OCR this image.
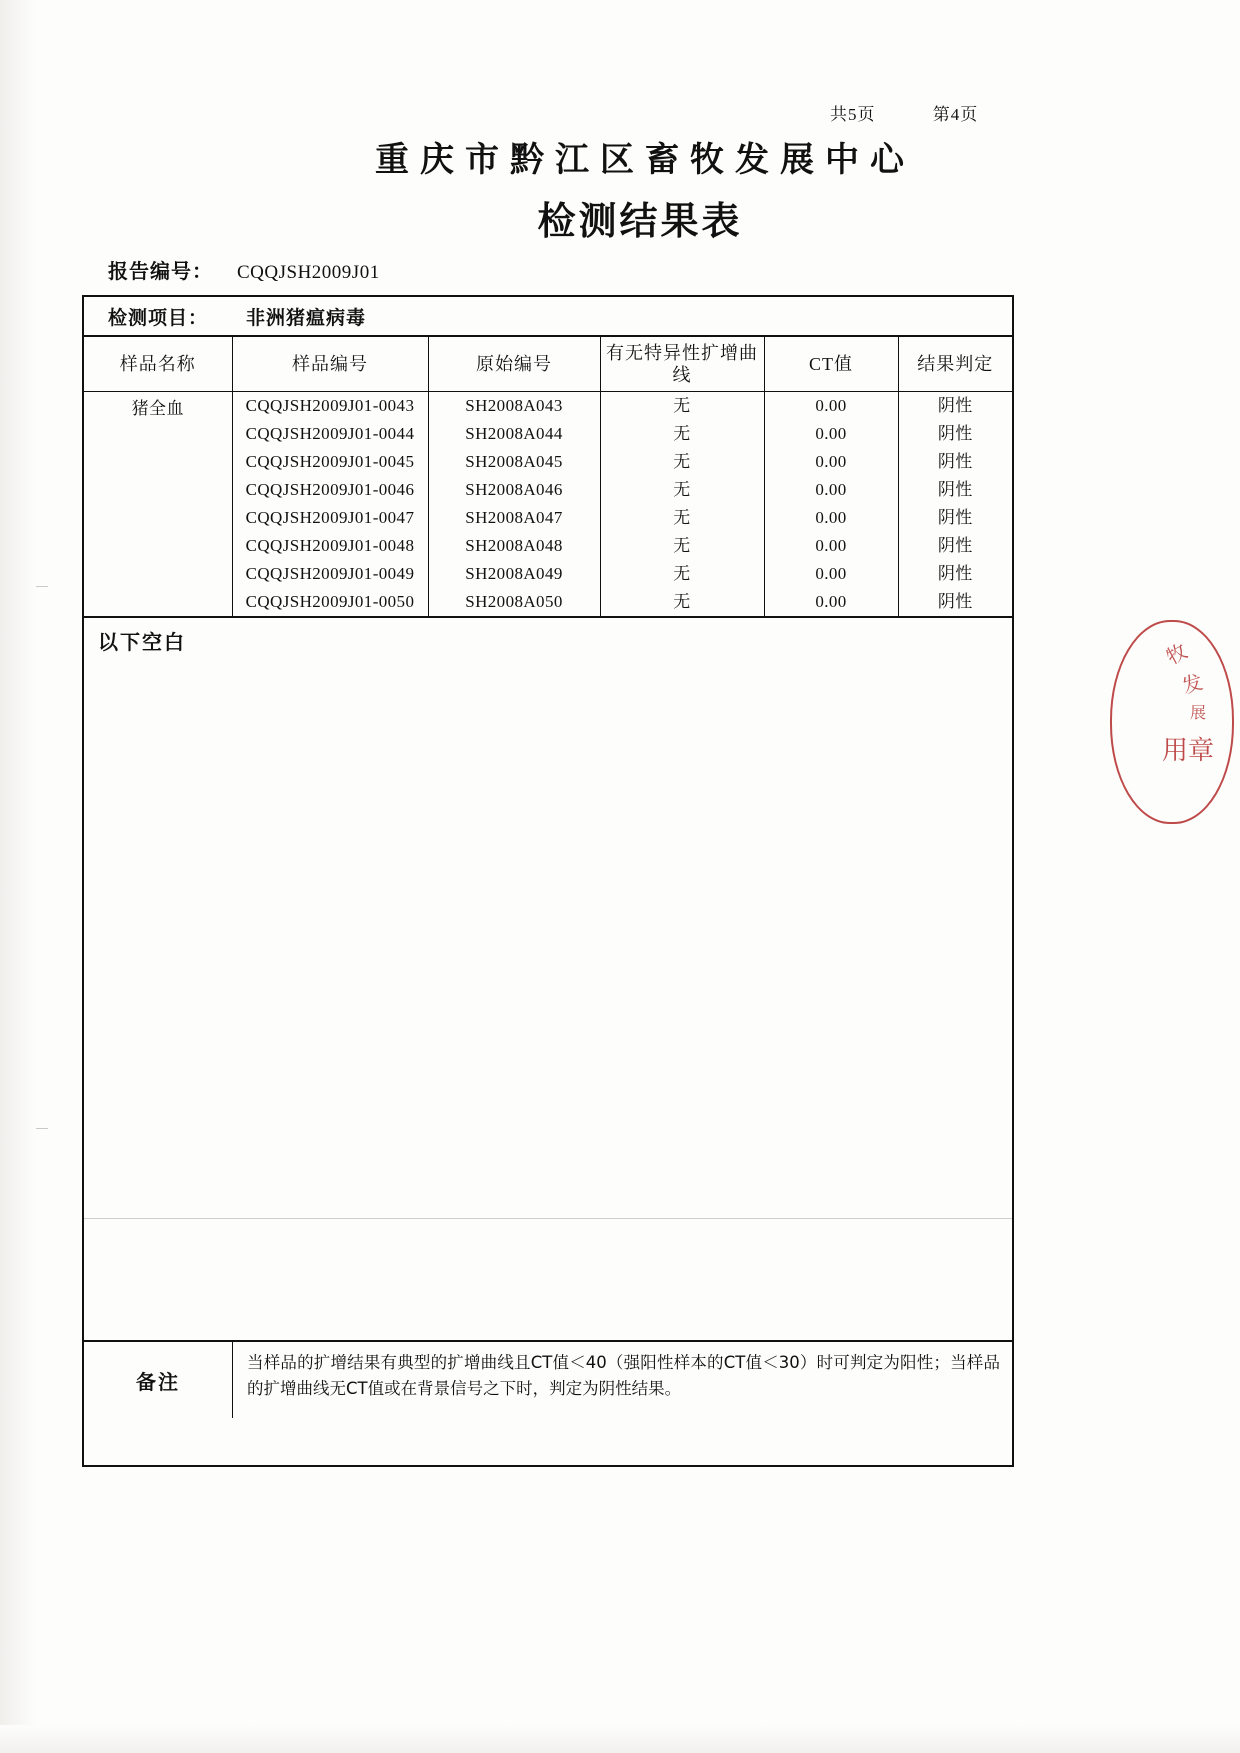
共5页	第4页
重庆市黔江区畜牧发展中心
检测结果表
报告编号： CQQJSH2009J01
检测项目：	非洲猪瘟病毒
样品名称	样品编号	原始编号	有无特异性扩增曲线	CT值	结果判定
猪全血	CQQJSH2009J01-0043	SH2008A043	无	0.00	阴性
	CQQJSH2009J01-0044	SH2008A044	无	0.00	阴性
	CQQJSH2009J01-0045	SH2008A045	无	0.00	阴性
	CQQJSH2009J01-0046	SH2008A046	无	0.00	阴性
	CQQJSH2009J01-0047	SH2008A047	无	0.00	阴性
	CQQJSH2009J01-0048	SH2008A048	无	0.00	阴性
	CQQJSH2009J01-0049	SH2008A049	无	0.00	阴性
	CQQJSH2009J01-0050	SH2008A050	无	0.00	阴性
以下空白
备注
当样品的扩增结果有典型的扩增曲线且CT值＜40（强阳性样本的CT值＜30）时可判定为阳性；当样品的扩增曲线无CT值或在背景信号之下时，判定为阴性结果。
牧
发
展
用章
